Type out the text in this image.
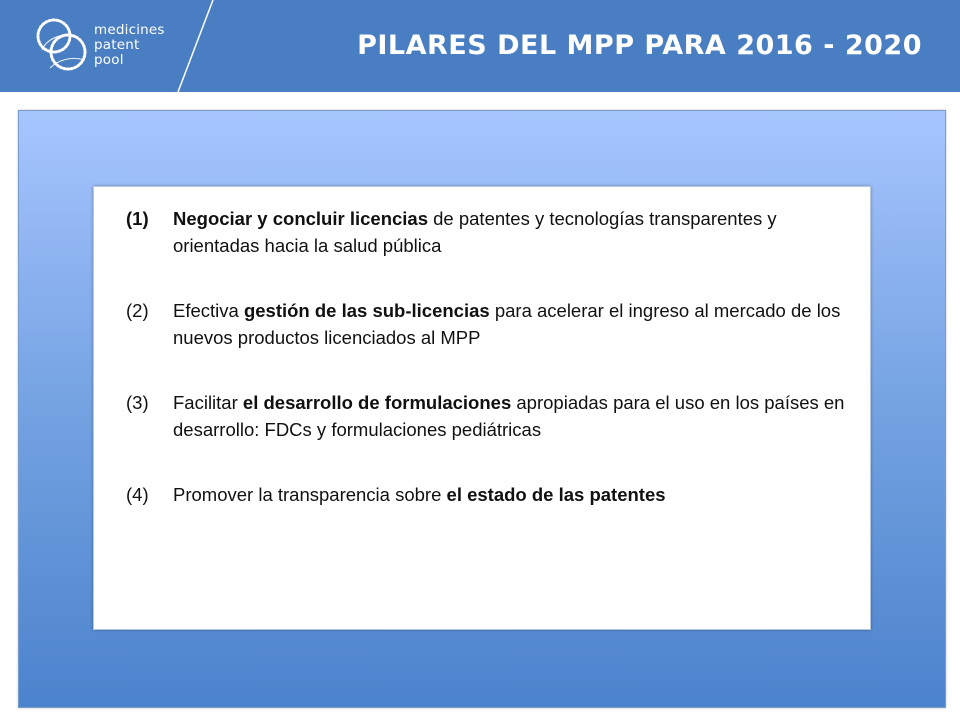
medicines
patent
pool	PILARES DEL MPP PARA 2016 - 2020
(1) Negociar y concluir licencias de patentes y tecnologías transparentes y orientadas hacia la salud pública
(2) Efectiva gestión de las sub-licencias para acelerar el ingreso al mercado de los nuevos productos licenciados al MPP
(3) Facilitar el desarrollo de formulaciones apropiadas para el uso en los países en desarrollo: FDCs y formulaciones pediátricas
(4) Promover la transparencia sobre el estado de las patentes
